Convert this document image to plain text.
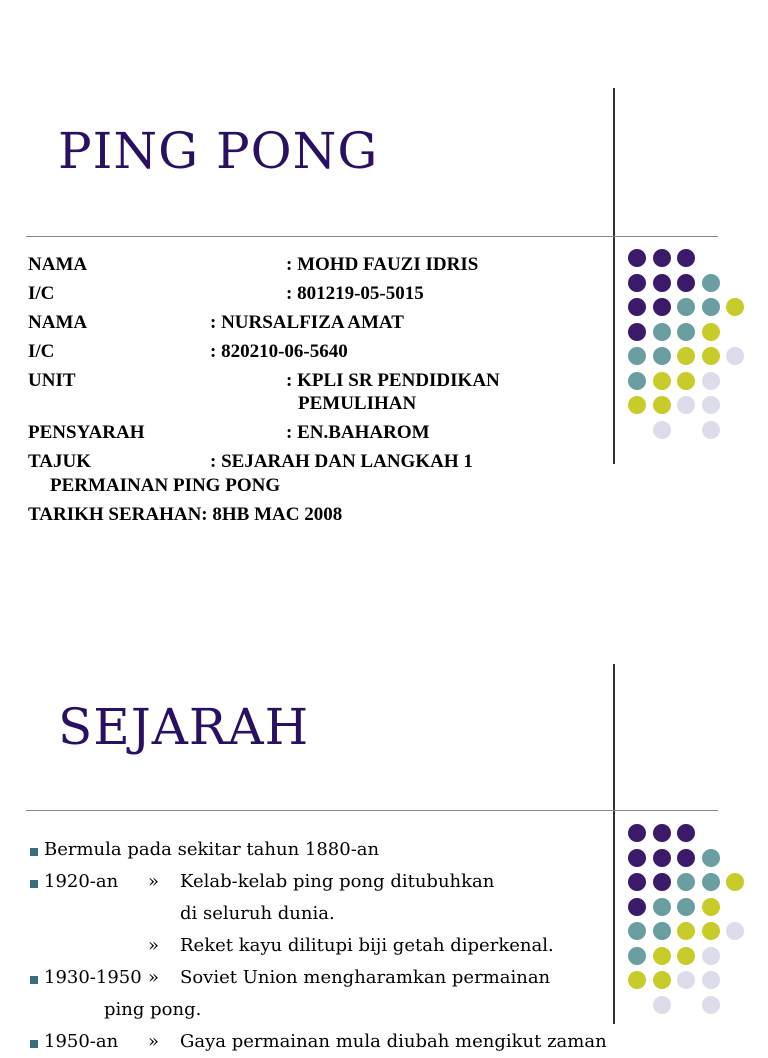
PING PONG
NAMA	: MOHD FAUZI IDRIS
I/C	: 801219-05-5015
NAMA	: NURSALFIZA AMAT
I/C	: 820210-06-5640
UNIT	: KPLI SR PENDIDIKAN
PEMULIHAN
PENSYARAH	: EN.BAHAROM
TAJUK	: SEJARAH DAN LANGKAH 1
PERMAINAN PING PONG
TARIKH SERAHAN: 8HB MAC 2008
SEJARAH
Bermula pada sekitar tahun 1880-an
1920-an » Kelab-kelab ping pong ditubuhkan
di seluruh dunia.
» Reket kayu dilitupi biji getah diperkenal.
1930-1950 » Soviet Union mengharamkan permainan
ping pong.
1950-an » Gaya permainan mula diubah mengikut zaman
